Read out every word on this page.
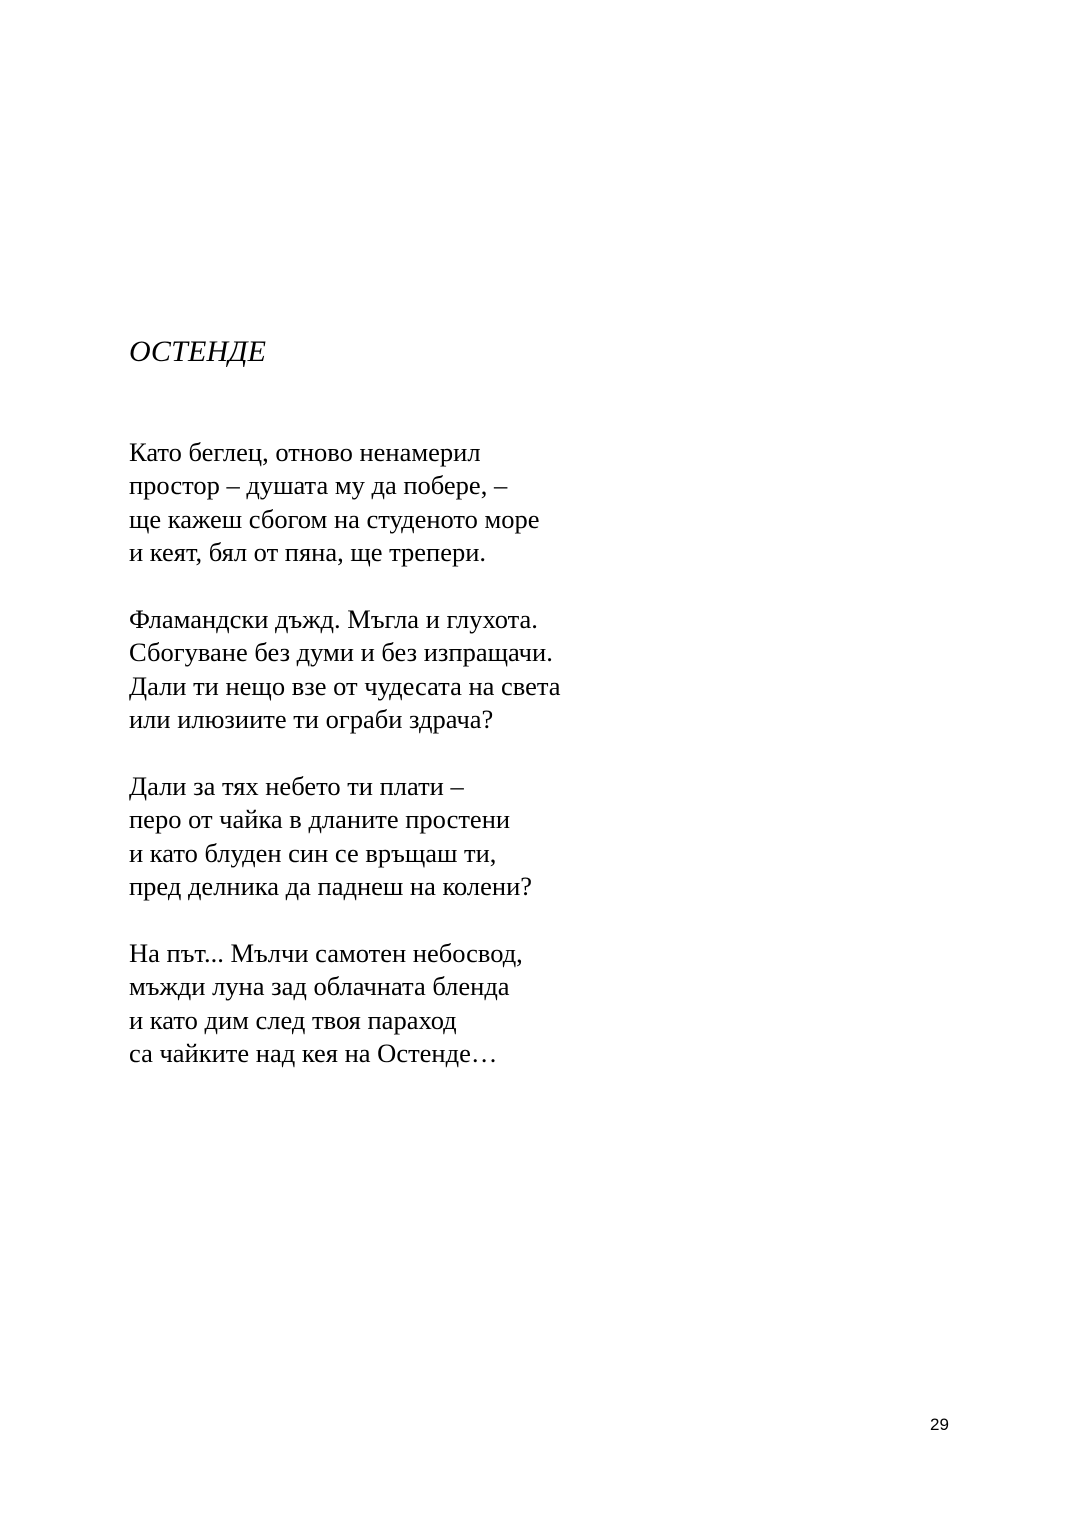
ОСТЕНДЕ
Като беглец, отново ненамерил
простор – душата му да побере, –
ще кажеш сбогом на студеното море
и кеят, бял от пяна, ще трепери.
Фламандски дъжд. Мъгла и глухота.
Сбогуване без думи и без изпращачи.
Дали ти нещо взе от чудесата на света
или илюзиите ти ограби здрача?
Дали за тях небето ти плати –
перо от чайка в дланите простени
и като блуден син се връщаш ти,
пред делника да паднеш на колени?
На път... Мълчи самотен небосвод,
мъжди луна зад облачната бленда
и като дим след твоя параход
са чайките над кея на Остенде…
29
